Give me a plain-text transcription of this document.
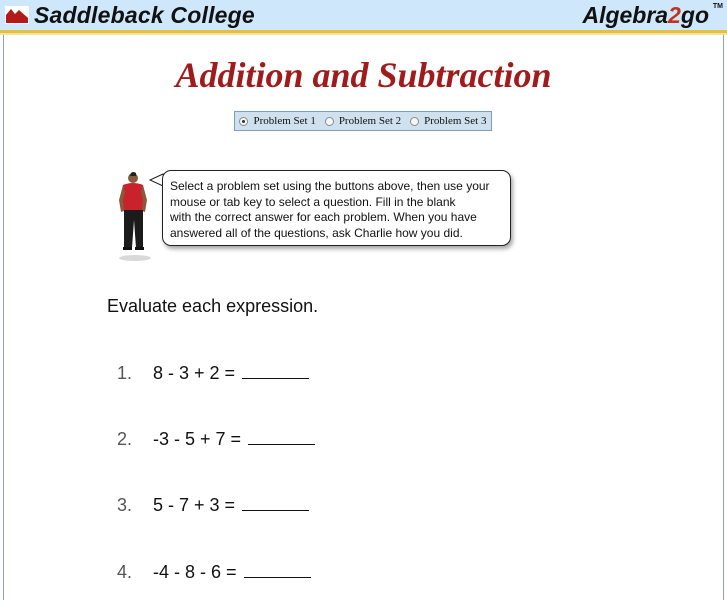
Saddleback College	Algebra2go TM
Addition and Subtraction
Problem Set 1 Problem Set 2 Problem Set 3
Select a problem set using the buttons above, then use your
mouse or tab key to select a question. Fill in the blank
with the correct answer for each problem. When you have
answered all of the questions, ask Charlie how you did.
Evaluate each expression.
1.	8 - 3 + 2 =
2.	-3 - 5 + 7 =
3.	5 - 7 + 3 =
4.	-4 - 8 - 6 =
